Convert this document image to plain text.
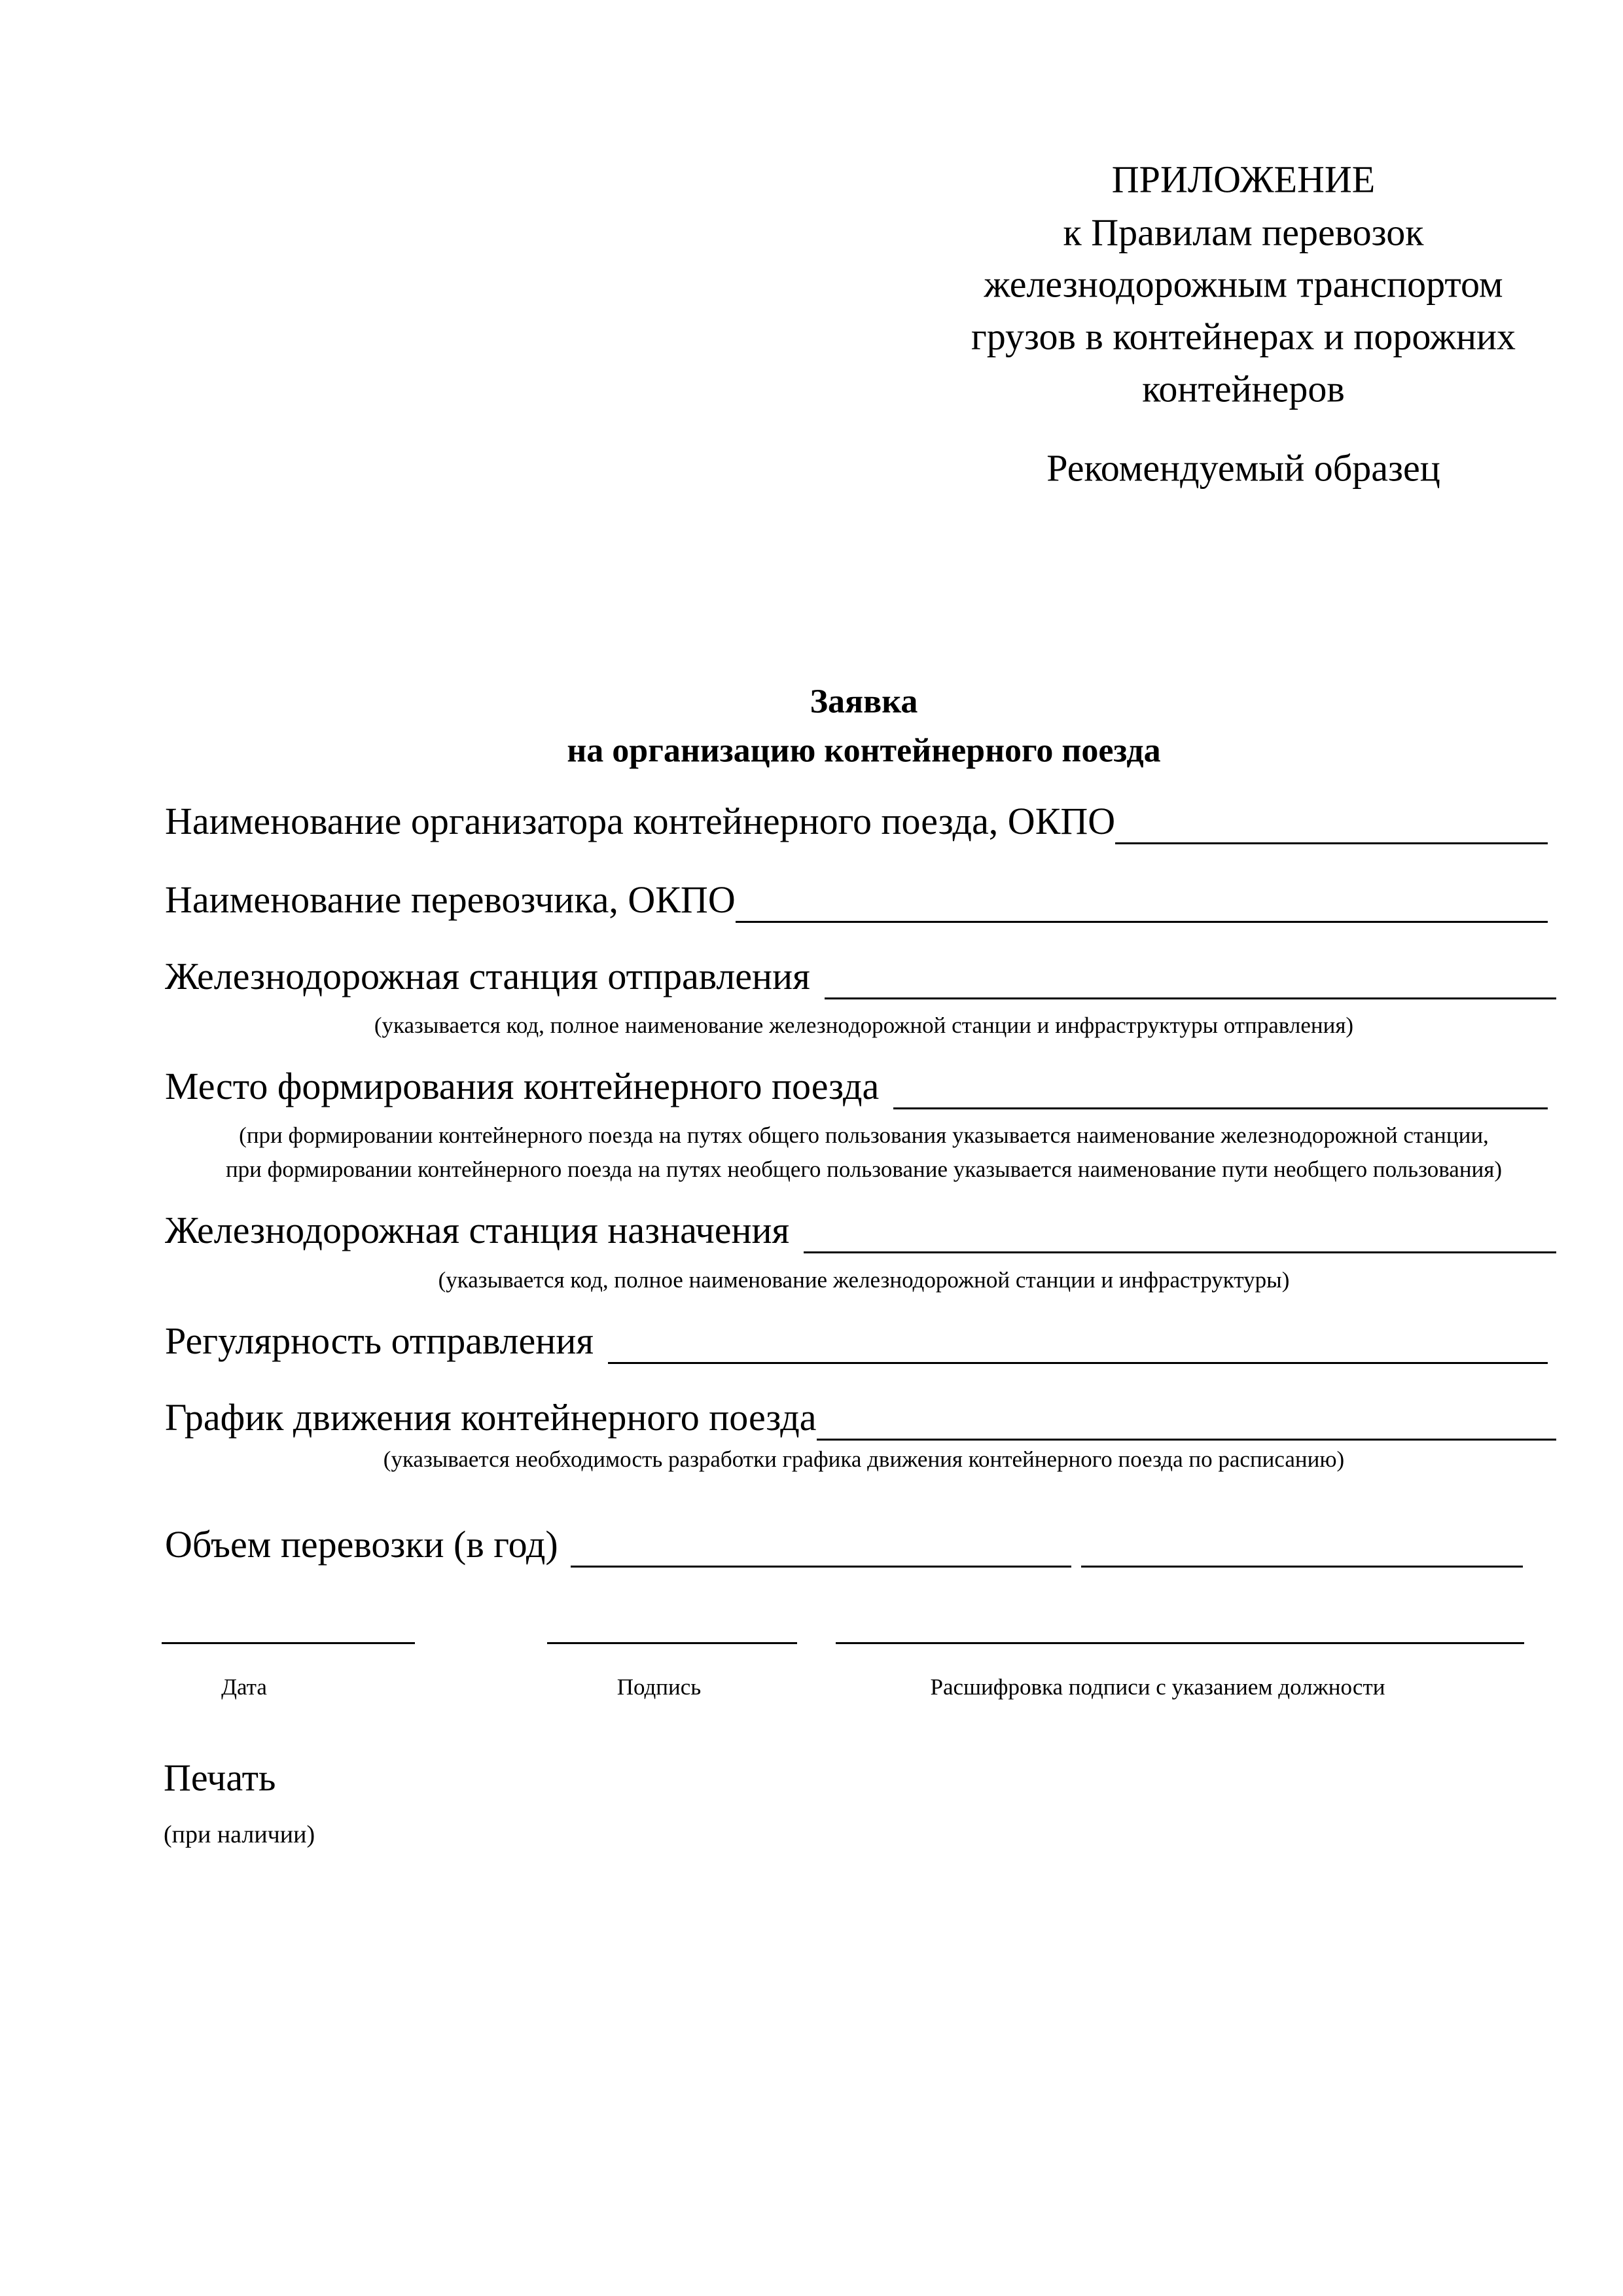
ПРИЛОЖЕНИЕ
к Правилам перевозок
железнодорожным транспортом
грузов в контейнерах и порожних
контейнеров
Рекомендуемый образец
Заявка
на организацию контейнерного поезда
Наименование организатора контейнерного поезда, ОКПО
Наименование перевозчика, ОКПО
Железнодорожная станция отправления
(указывается код, полное наименование железнодорожной станции и инфраструктуры отправления)
Место формирования контейнерного поезда
(при формировании контейнерного поезда на путях общего пользования указывается наименование железнодорожной станции,
при формировании контейнерного поезда на путях необщего пользование указывается наименование пути необщего пользования)
Железнодорожная станция назначения
(указывается код, полное наименование железнодорожной станции и инфраструктуры)
Регулярность отправления
График движения контейнерного поезда
(указывается необходимость разработки графика движения контейнерного поезда по расписанию)
Объем перевозки (в год)
Дата	Подпись	Расшифровка подписи с указанием должности
Печать
(при наличии)
